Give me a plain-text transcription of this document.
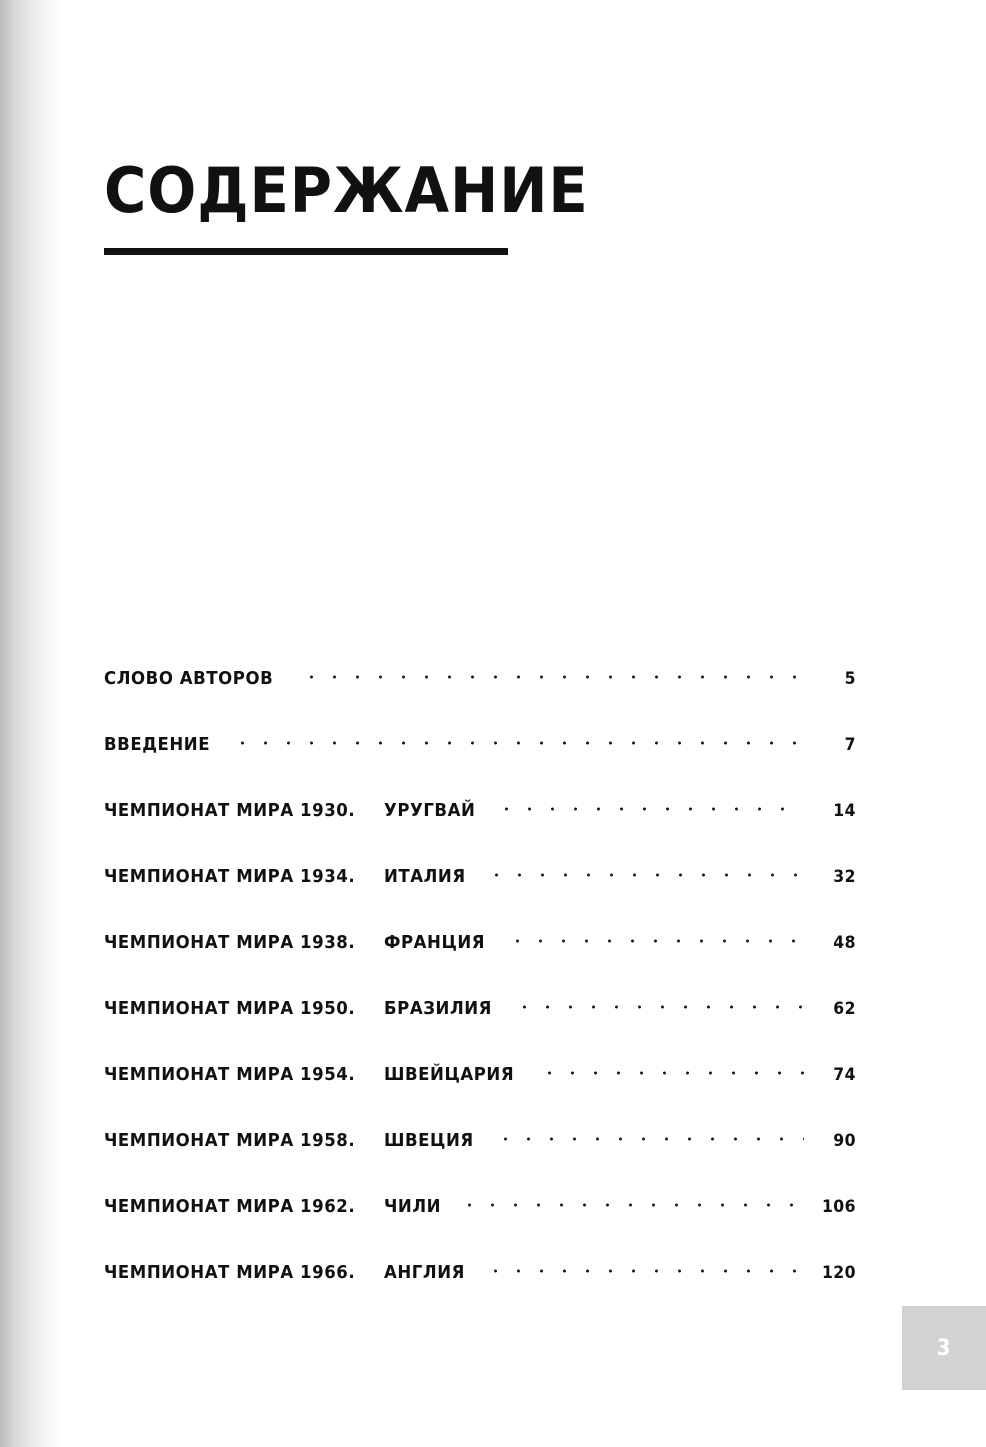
СОДЕРЖАНИЕ
СЛОВО АВТОРОВ	5
ВВЕДЕНИЕ	7
ЧЕМПИОНАТ МИРА 1930. УРУГВАЙ	14
ЧЕМПИОНАТ МИРА 1934. ИТАЛИЯ	32
ЧЕМПИОНАТ МИРА 1938. ФРАНЦИЯ	48
ЧЕМПИОНАТ МИРА 1950. БРАЗИЛИЯ	62
ЧЕМПИОНАТ МИРА 1954. ШВЕЙЦАРИЯ	74
ЧЕМПИОНАТ МИРА 1958. ШВЕЦИЯ	90
ЧЕМПИОНАТ МИРА 1962. ЧИЛИ	106
ЧЕМПИОНАТ МИРА 1966. АНГЛИЯ	120
3
